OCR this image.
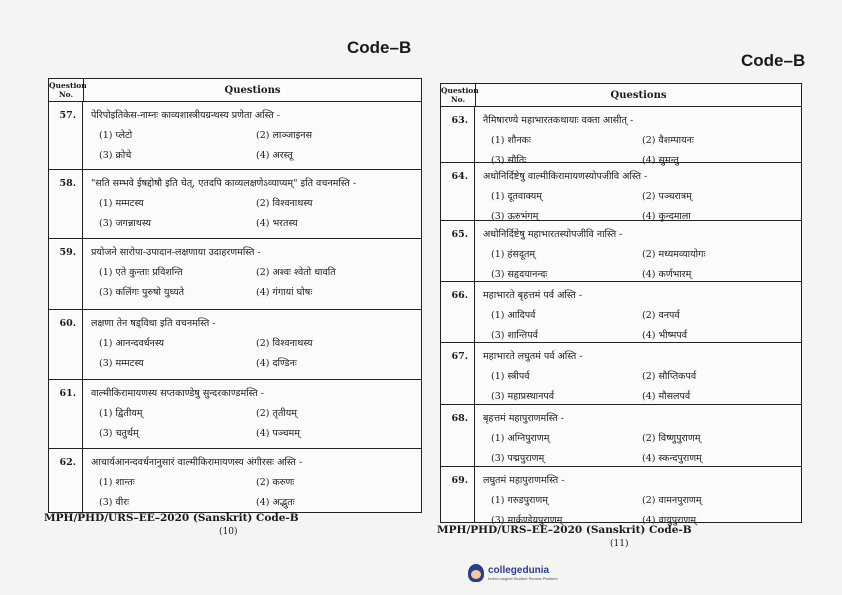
Code–B
Code–B
Question No.	Questions
57.	पेरिपोइतिकेस-नाम्नः काव्यशास्त्रीयग्रन्थस्य प्रणेता अस्ति -
(1) प्लेटो	(2) लाञ्जाइनस
(3) क्रोचे	(4) अरस्तू
58.	"सति सम्भवे ईषद्दोषौ इति चेत्, एतदपि काव्यलक्षणेऽव्याप्यम्" इति वचनमस्ति -
(1) मम्मटस्य	(2) विश्वनाथस्य
(3) जगन्नाथस्य	(4) भरतस्य
59.	प्रयोजने सारोपा-उपादान-लक्षणाया उदाहरणमस्ति -
(1) एते कुन्ताः प्रविशन्ति	(2) अश्वः श्वेतो धावति
(3) कलिंगः पुरुषो युध्यते	(4) गंगायां घोषः
60.	लक्षणा तेन षड्विधा इति वचनमस्ति -
(1) आनन्दवर्धनस्य	(2) विश्वनाथस्य
(3) मम्मटस्य	(4) दण्डिनः
61.	वाल्मीकिरामायणस्य सप्तकाण्डेषु सुन्दरकाण्डमस्ति -
(1) द्वितीयम्	(2) तृतीयम्
(3) चतुर्थम्	(4) पञ्चमम्
62.	आचार्यआनन्दवर्धनानुसारं वाल्मीकिरामायणस्य अंगीरसः अस्ति -
(1) शान्तः	(2) करुणः
(3) वीरः	(4) अद्भुतः
Question No.	Questions
63.	नैमिषारण्ये महाभारतकथायाः वक्ता आसीत् -
(1) शौनकः	(2) वैशम्पायनः
(3) सौतिः	(4) सुमन्तु
64.	अधोनिर्दिष्टेषु वाल्मीकिरामायणस्योपजीवि अस्ति -
(1) दूतवाक्यम्	(2) पञ्चरात्रम्
(3) ऊरुभंगम्	(4) कुन्दमाला
65.	अधोनिर्दिष्टेषु महाभारतस्योपजीवि नास्ति -
(1) हंसदूतम्	(2) मध्यमव्यायोगः
(3) सहृदयानन्दः	(4) कर्णभारम्
66.	महाभारते बृहत्तमं पर्व अस्ति -
(1) आदिपर्व	(2) वनपर्व
(3) शान्तिपर्व	(4) भीष्मपर्व
67.	महाभारते लघुतमं पर्व अस्ति -
(1) स्त्रीपर्व	(2) सौप्तिकपर्व
(3) महाप्रस्थानपर्व	(4) मौसलपर्व
68.	बृहत्तमं महापुराणमस्ति -
(1) अग्निपुराणम्	(2) विष्णुपुराणम्
(3) पद्मपुराणम्	(4) स्कन्दपुराणम्
69.	लघुतमं महापुराणमस्ति -
(1) गरुडपुराणम्	(2) वामनपुराणम्
(3) मार्कण्डेयपुराणम्	(4) वायुपुराणम्
MPH/PHD/URS–EE–2020 (Sanskrit) Code-B
(10)	MPH/PHD/URS–EE–2020 (Sanskrit) Code-B
(11)
collegedunia
India's largest Student Review Platform
